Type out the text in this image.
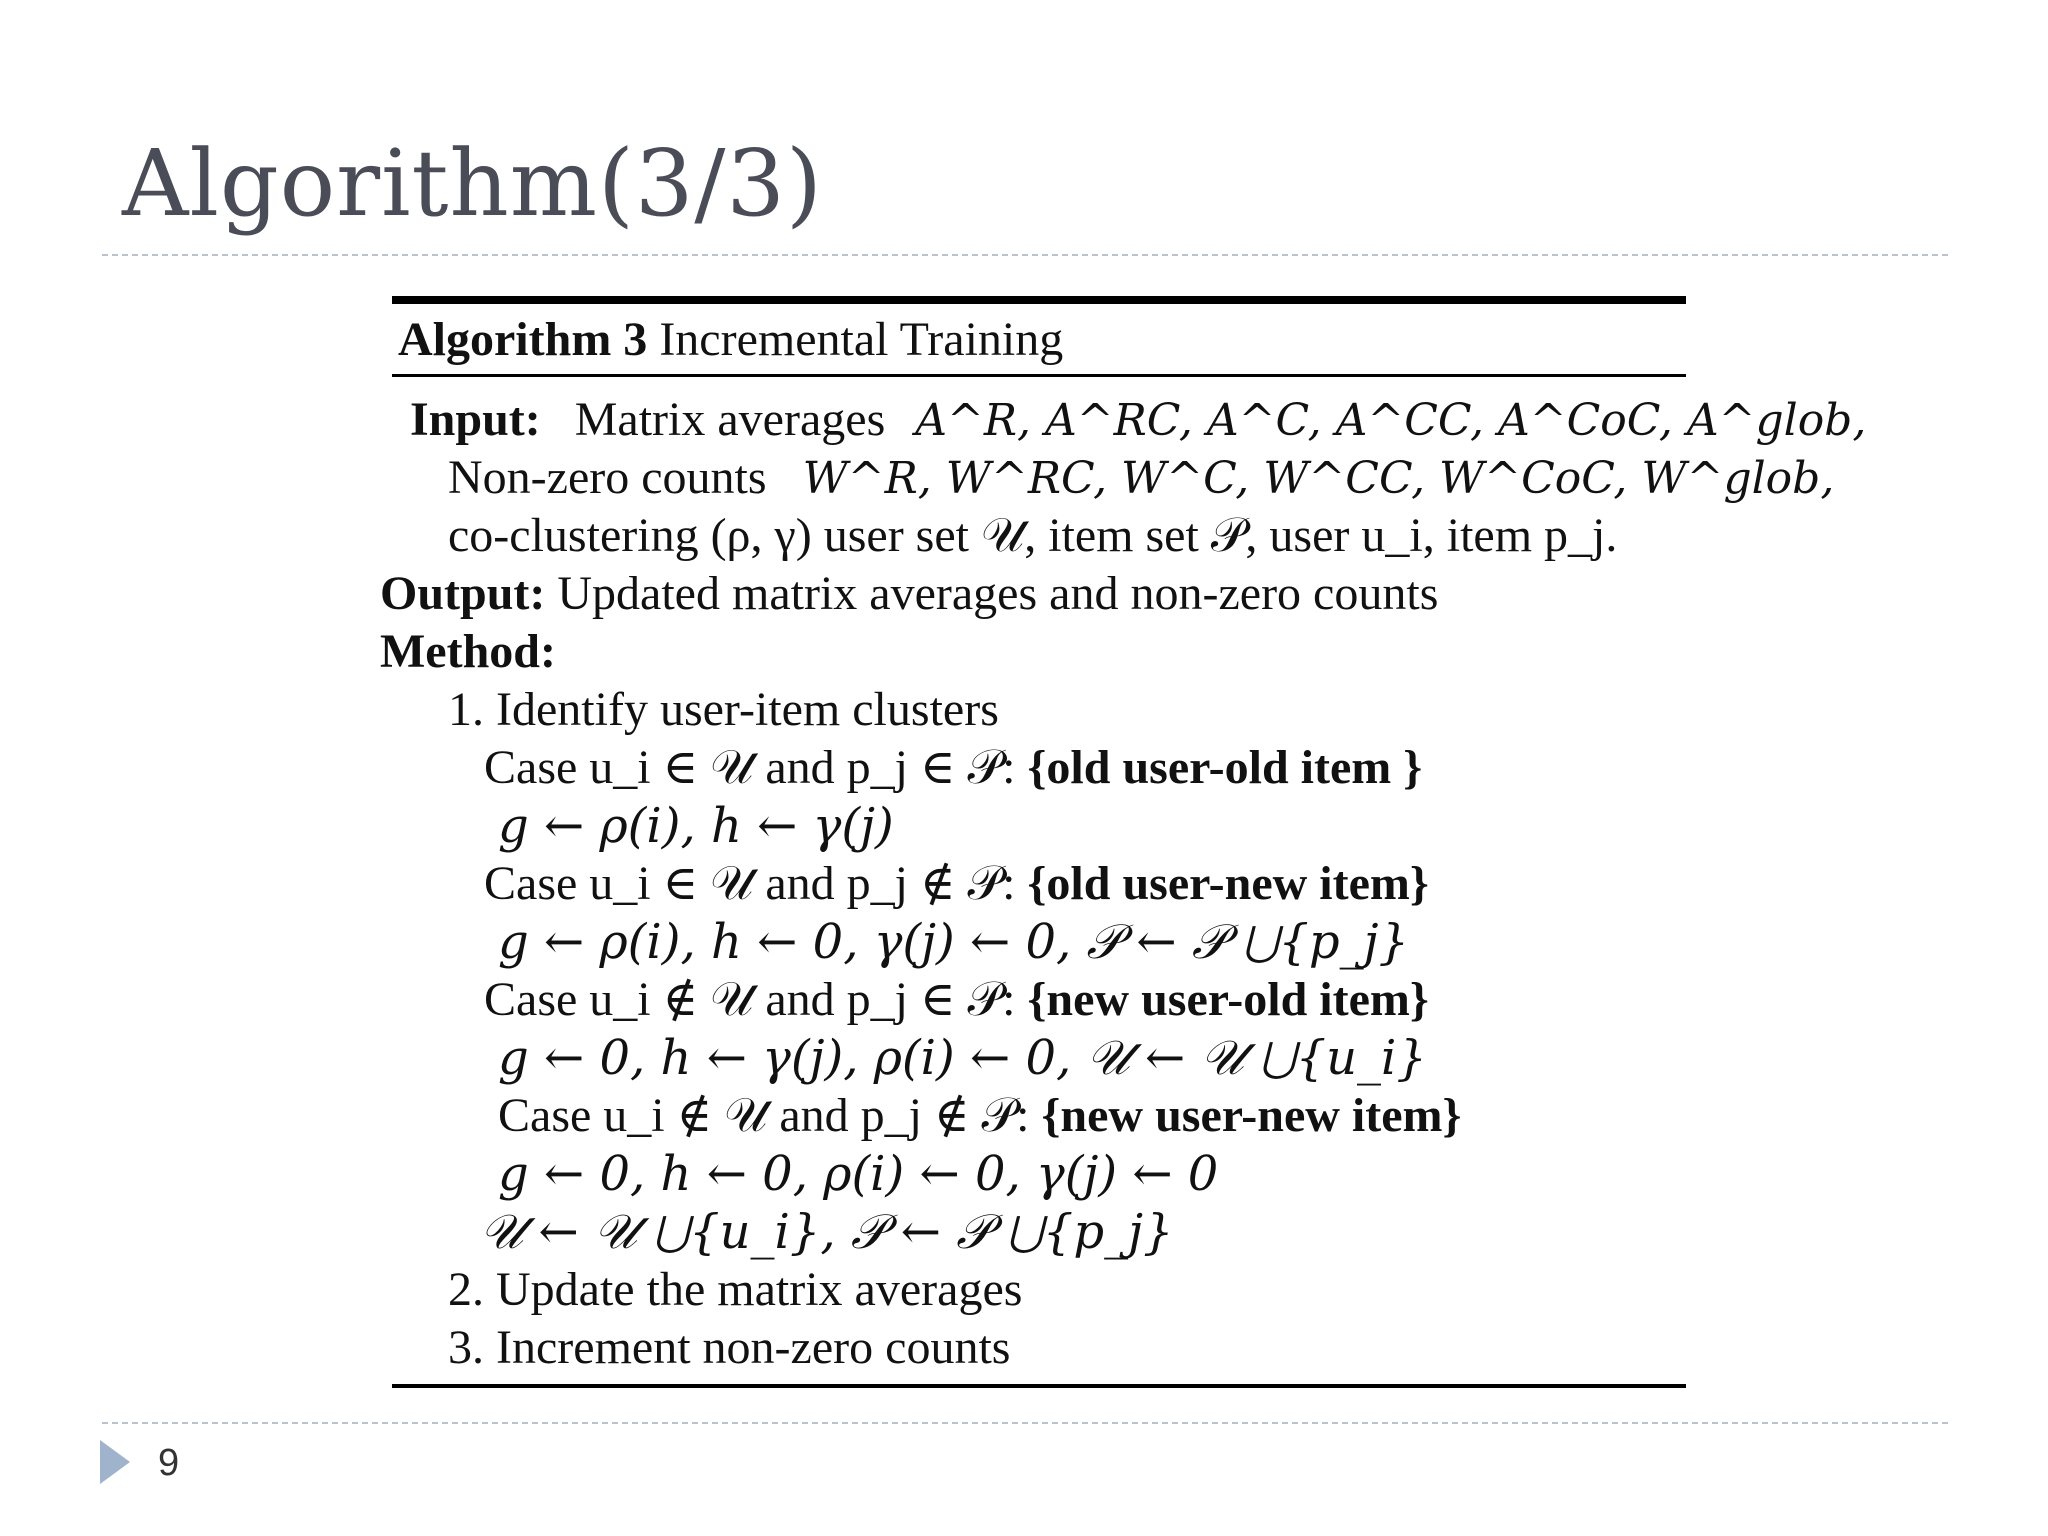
Algorithm(3/3)
Algorithm 3 Incremental Training
Input: Matrix averages A^R, A^RC, A^C, A^CC, A^CoC, A^glob,
Non-zero counts W^R, W^RC, W^C, W^CC, W^CoC, W^glob,
co-clustering (ρ, γ) user set 𝒰, item set 𝒫, user u_i, item p_j.
Output: Updated matrix averages and non-zero counts
Method:
1. Identify user-item clusters
Case u_i ∈ 𝒰 and p_j ∈ 𝒫: {old user-old item }
g ← ρ(i), h ← γ(j)
Case u_i ∈ 𝒰 and p_j ∉ 𝒫: {old user-new item}
g ← ρ(i), h ← 0, γ(j) ← 0, 𝒫 ← 𝒫 ⋃{p_j}
Case u_i ∉ 𝒰 and p_j ∈ 𝒫: {new user-old item}
g ← 0, h ← γ(j), ρ(i) ← 0, 𝒰 ← 𝒰 ⋃{u_i}
Case u_i ∉ 𝒰 and p_j ∉ 𝒫: {new user-new item}
g ← 0, h ← 0, ρ(i) ← 0, γ(j) ← 0
𝒰 ← 𝒰 ⋃{u_i}, 𝒫 ← 𝒫 ⋃{p_j}
2. Update the matrix averages
3. Increment non-zero counts
9
